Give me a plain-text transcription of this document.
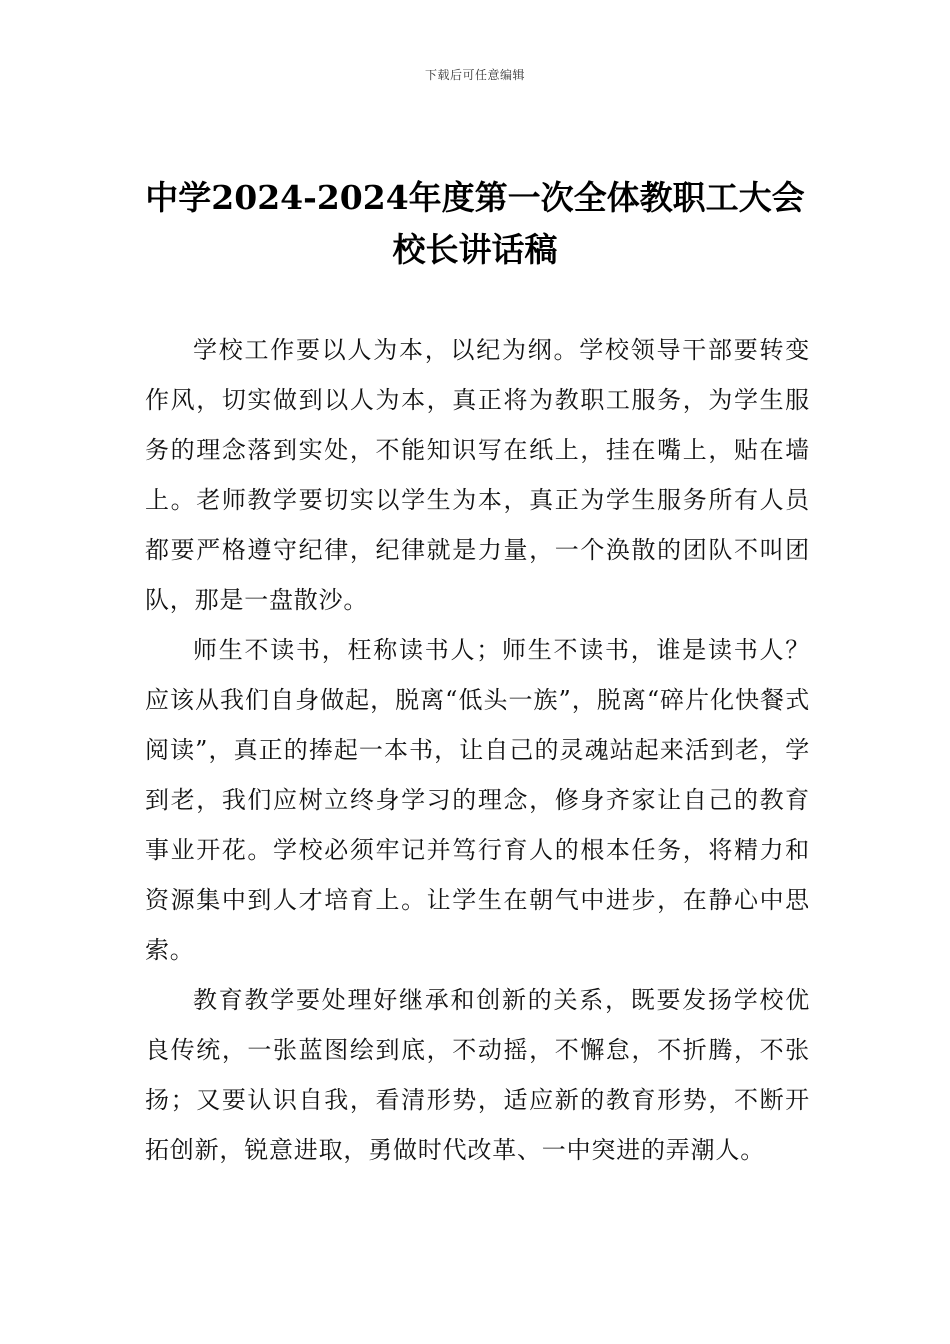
下载后可任意编辑
中学2024-2024年度第一次全体教职工大会
校长讲话稿

学校工作要以人为本，以纪为纲。学校领导干部要转变作风，切实做到以人为本，真正将为教职工服务，为学生服务的理念落到实处，不能知识写在纸上，挂在嘴上，贴在墙上。老师教学要切实以学生为本，真正为学生服务所有人员都要严格遵守纪律，纪律就是力量，一个涣散的团队不叫团队，那是一盘散沙。

师生不读书，枉称读书人；师生不读书，谁是读书人？应该从我们自身做起，脱离“低头一族”，脱离“碎片化快餐式阅读”，真正的捧起一本书，让自己的灵魂站起来活到老，学到老，我们应树立终身学习的理念，修身齐家让自己的教育事业开花。学校必须牢记并笃行育人的根本任务，将精力和资源集中到人才培育上。让学生在朝气中进步，在静心中思索。

教育教学要处理好继承和创新的关系，既要发扬学校优良传统，一张蓝图绘到底，不动摇，不懈怠，不折腾，不张扬；又要认识自我，看清形势，适应新的教育形势，不断开拓创新，锐意进取，勇做时代改革、一中突进的弄潮人。
